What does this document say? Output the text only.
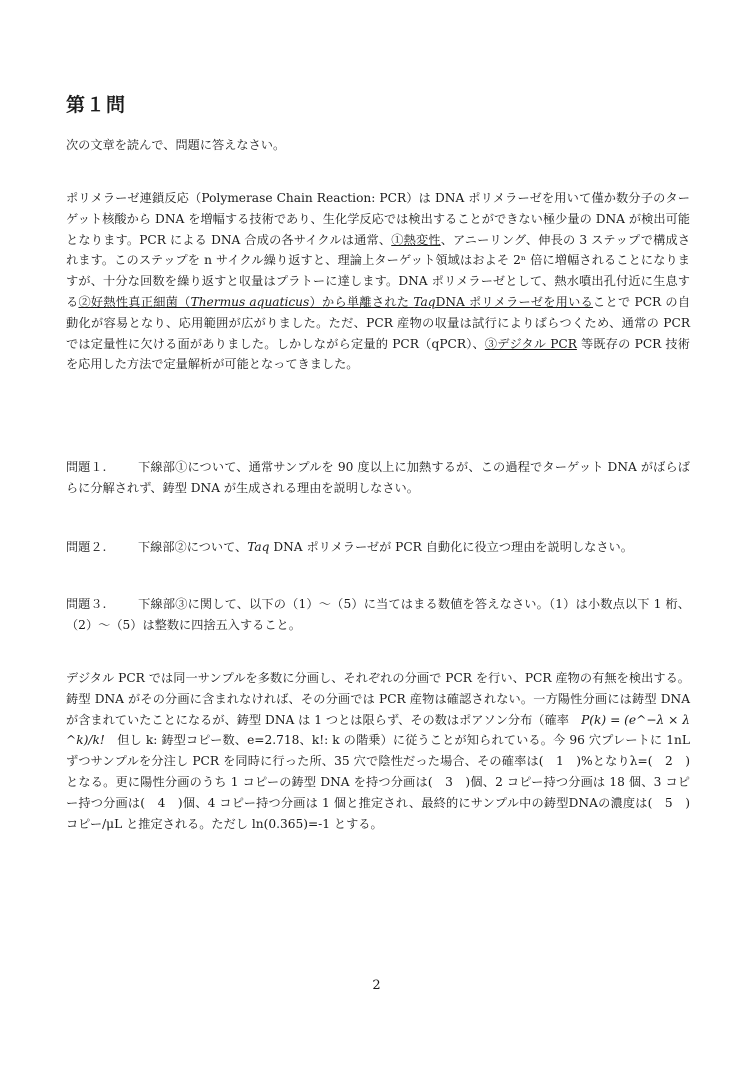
第１問
次の文章を読んで、問題に答えなさい。
ポリメラーゼ連鎖反応（Polymerase Chain Reaction: PCR）は DNA ポリメラーゼを用いて僅か数分子のターゲット核酸から DNA を増幅する技術であり、生化学反応では検出することができない極少量の DNA が検出可能となります。PCR による DNA 合成の各サイクルは通常、①熱変性、アニーリング、伸長の 3 ステップで構成されます。このステップを n サイクル繰り返すと、理論上ターゲット領域はおよそ 2ⁿ 倍に増幅されることになりますが、十分な回数を繰り返すと収量はプラトーに達します。DNA ポリメラーゼとして、熱水噴出孔付近に生息する②好熱性真正細菌（Thermus aquaticus）から単離された TaqDNA ポリメラーゼを用いることで PCR の自動化が容易となり、応用範囲が広がりました。ただ、PCR 産物の収量は試行によりばらつくため、通常の PCR では定量性に欠ける面がありました。しかしながら定量的 PCR（qPCR）、③デジタル PCR 等既存の PCR 技術を応用した方法で定量解析が可能となってきました。
問題１.	下線部①について、通常サンプルを 90 度以上に加熱するが、この過程でターゲット DNA がばらばらに分解されず、鋳型 DNA が生成される理由を説明しなさい。
問題２.	下線部②について、Taq DNA ポリメラーゼが PCR 自動化に役立つ理由を説明しなさい。
問題３.	下線部③に関して、以下の（1）～（5）に当てはまる数値を答えなさい。（1）は小数点以下 1 桁、（2）～（5）は整数に四捨五入すること。
デジタル PCR では同一サンプルを多数に分画し、それぞれの分画で PCR を行い、PCR 産物の有無を検出する。鋳型 DNA がその分画に含まれなければ、その分画では PCR 産物は確認されない。一方陽性分画には鋳型 DNA が含まれていたことになるが、鋳型 DNA は 1 つとは限らず、その数はポアソン分布（確率　P(k) = (e^−λ × λ^k)/k!　但し k: 鋳型コピー数、e=2.718、k!: k の階乗）に従うことが知られている。今 96 穴プレートに 1nL ずつサンプルを分注し PCR を同時に行った所、35 穴で陰性だった場合、その確率は(　1　)%となりλ=(　2　)となる。更に陽性分画のうち 1 コピーの鋳型 DNA を持つ分画は(　3　)個、2 コピー持つ分画は 18 個、3 コピー持つ分画は(　4　)個、4 コピー持つ分画は 1 個と推定され、最終的にサンプル中の鋳型DNAの濃度は(　5　)コピー/μL と推定される。ただし ln(0.365)=-1 とする。
2
